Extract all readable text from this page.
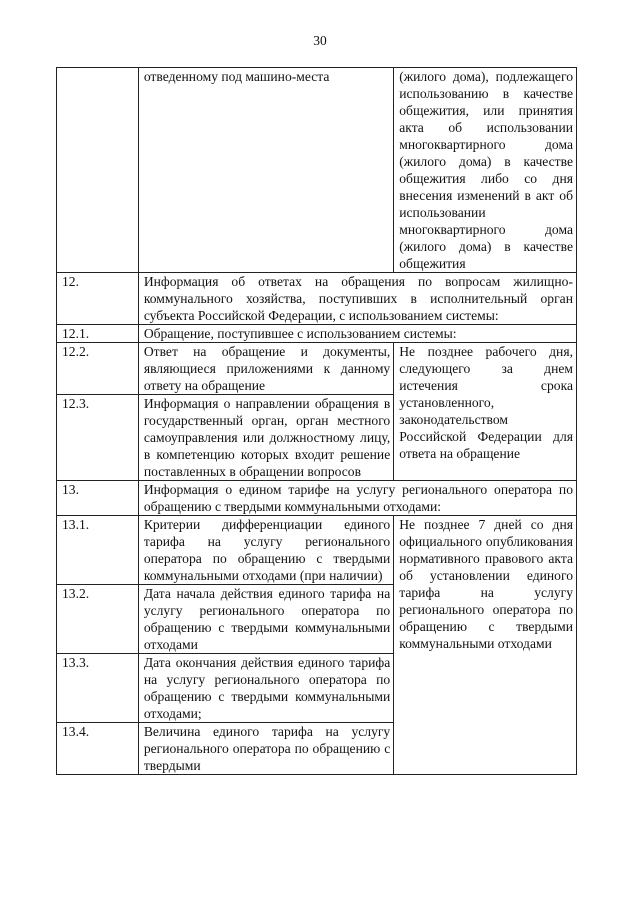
30
	отведенному под машино-места	(жилого дома), подлежащего использованию в качестве общежития, или принятия акта об использовании многоквартирного дома (жилого дома) в качестве общежития либо со дня внесения изменений в акт об использовании многоквартирного дома (жилого дома) в качестве общежития
12.	Информация об ответах на обращения по вопросам жилищно-коммунального хозяйства, поступивших в исполнительный орган субъекта Российской Федерации, с использованием системы:	
12.1.	Обращение, поступившее с использованием системы:	
12.2.	Ответ на обращение и документы, являющиеся приложениями к данному ответу на обращение	Не позднее рабочего дня, следующего за днем истечения срока установленного, законодательством Российской Федерации для ответа на обращение
12.3.	Информация о направлении обращения в государственный орган, орган местного самоуправления или должностному лицу, в компетенцию которых входит решение поставленных в обращении вопросов	
13.	Информация о едином тарифе на услугу регионального оператора по обращению с твердыми коммунальными отходами:	
13.1.	Критерии дифференциации единого тарифа на услугу регионального оператора по обращению с твердыми коммунальными отходами (при наличии)	Не позднее 7 дней со дня официального опубликования нормативного правового акта об установлении единого тарифа на услугу регионального оператора по обращению с твердыми коммунальными отходами
13.2.	Дата начала действия единого тарифа на услугу регионального оператора по обращению с твердыми коммунальными отходами	
13.3.	Дата окончания действия единого тарифа на услугу регионального оператора по обращению с твердыми коммунальными отходами;	
13.4.	Величина единого тарифа на услугу регионального оператора по обращению с твердыми	
